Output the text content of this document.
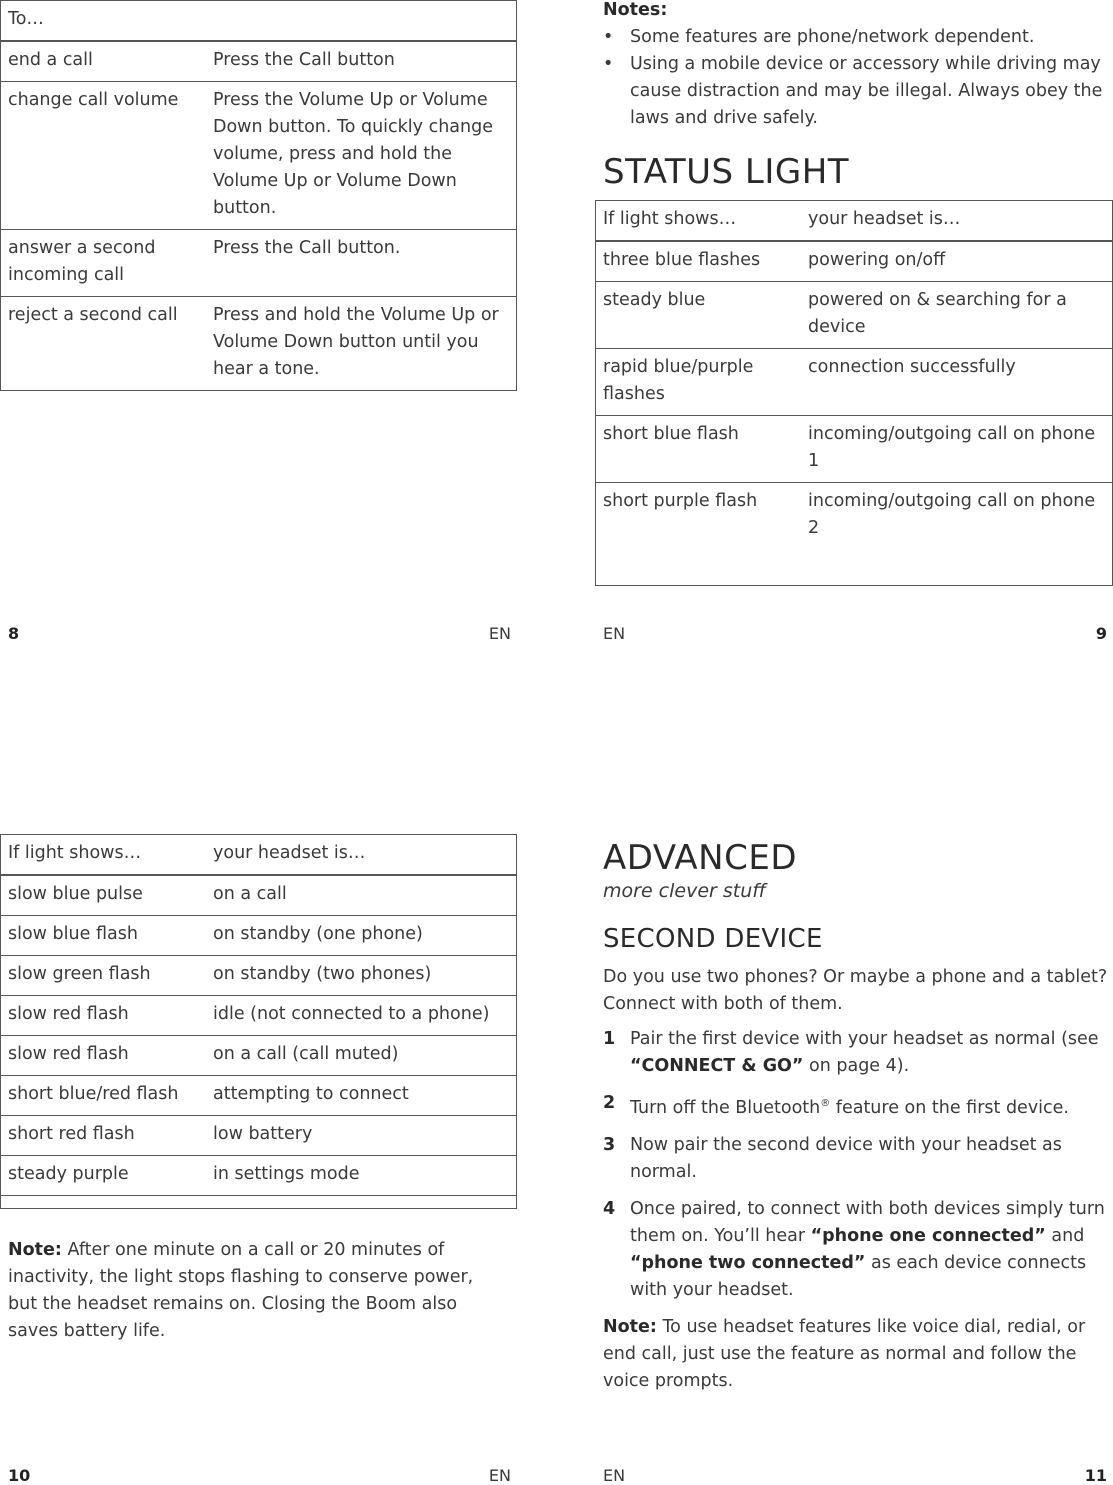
To…	
end a call	Press the Call button
change call volume	Press the Volume Up or Volume Down button. To quickly change volume, press and hold the Volume Up or Volume Down button.
answer a second incoming call	Press the Call button.
reject a second call	Press and hold the Volume Up or Volume Down button until you hear a tone.
8	EN
Notes:
• Some features are phone/network dependent.
• Using a mobile device or accessory while driving may cause distraction and may be illegal. Always obey the laws and drive safely.
STATUS LIGHT
If light shows…	your headset is…
three blue flashes	powering on/off
steady blue	powered on & searching for a device
rapid blue/purple flashes	connection successfully
short blue flash	incoming/outgoing call on phone 1
short purple flash	incoming/outgoing call on phone 2
EN	9
If light shows…	your headset is…
slow blue pulse	on a call
slow blue flash	on standby (one phone)
slow green flash	on standby (two phones)
slow red flash	idle (not connected to a phone)
slow red flash	on a call (call muted)
short blue/red flash	attempting to connect
short red flash	low battery
steady purple	in settings mode

Note: After one minute on a call or 20 minutes of inactivity, the light stops flashing to conserve power, but the headset remains on. Closing the Boom also saves battery life.

10	EN
ADVANCED
more clever stuff
SECOND DEVICE

Do you use two phones? Or maybe a phone and a tablet? Connect with both of them.

1 Pair the first device with your headset as normal (see “CONNECT & GO” on page 4).
2 Turn off the Bluetooth® feature on the first device.
3 Now pair the second device with your headset as normal.
4 Once paired, to connect with both devices simply turn them on. You’ll hear “phone one connected” and “phone two connected” as each device connects with your headset.

Note: To use headset features like voice dial, redial, or end call, just use the feature as normal and follow the voice prompts.

EN	11
